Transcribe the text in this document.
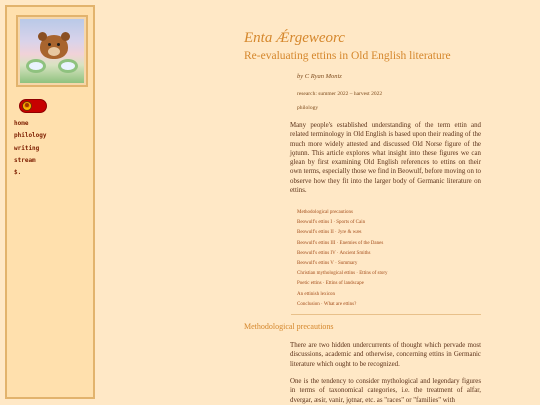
✹
home
philology
writing
stream
$.
Enta Ǽrgeweorc
Re-evaluating ettins in Old English literature
by C Ryan Moniz
research: summer 2022 – harvest 2022
philology
Many people's established understanding of the term ettin and related terminology in Old English is based upon their reading of the much more widely attested and discussed Old Norse figure of the jǫtunn. This article explores what insight into these figures we can glean by first examining Old English references to ettins on their own terms, especially those we find in Beowulf, before moving on to observe how they fit into the larger body of Germanic literature on ettins.
Methodological precautions
Beowulf's ettins I · Sports of Cain
Beowulf's ettins II · Jyre & wæs
Beowulf's ettins III · Enemies of the Danes
Beowulf's ettins IV · Ancient Smiths
Beowulf's ettins V · Summary
Christian mythological ettins · Ettins of story
Poetic ettins · Ettins of landscape
An ettinish lexicon
Conclusion · What are ettins?
Methodological precautions
There are two hidden undercurrents of thought which pervade most discussions, academic and otherwise, concerning ettins in Germanic literature which ought to be recognized.
One is the tendency to consider mythological and legendary figures in terms of taxonomical categories, i.e. the treatment of alfar, dvergar, æsir, vanir, jǫtnar, etc. as "races" or "families" with
